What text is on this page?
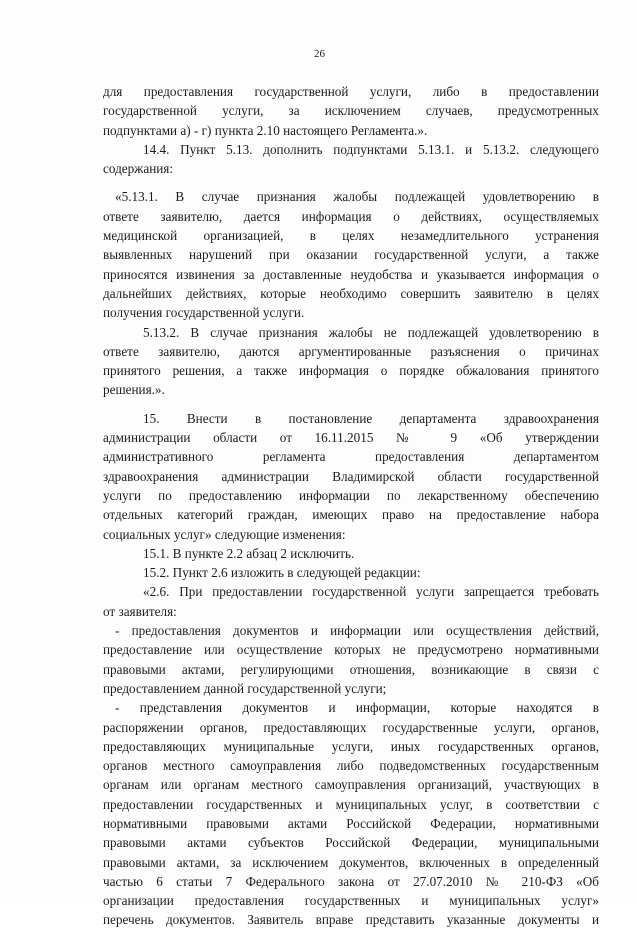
26
для предоставления государственной услуги, либо в предоставлении
государственной услуги, за исключением случаев, предусмотренных
подпунктами а) - г) пункта 2.10 настоящего Регламента.».
14.4. Пункт 5.13. дополнить подпунктами 5.13.1. и 5.13.2. следующего
содержания:
«5.13.1. В случае признания жалобы подлежащей удовлетворению в
ответе заявителю, дается информация о действиях, осуществляемых
медицинской организацией, в целях незамедлительного устранения
выявленных нарушений при оказании государственной услуги, а также
приносятся извинения за доставленные неудобства и указывается информация о
дальнейших действиях, которые необходимо совершить заявителю в целях
получения государственной услуги.
5.13.2. В случае признания жалобы не подлежащей удовлетворению в
ответе заявителю, даются аргументированные разъяснения о причинах
принятого решения, а также информация о порядке обжалования принятого
решения.».
15. Внести в постановление департамента здравоохранения
администрации области от 16.11.2015 № 9 «Об утверждении
административного регламента предоставления департаментом
здравоохранения администрации Владимирской области государственной
услуги по предоставлению информации по лекарственному обеспечению
отдельных категорий граждан, имеющих право на предоставление набора
социальных услуг» следующие изменения:
15.1. В пункте 2.2 абзац 2 исключить.
15.2. Пункт 2.6 изложить в следующей редакции:
«2.6. При предоставлении государственной услуги запрещается требовать
от заявителя:
- предоставления документов и информации или осуществления действий,
предоставление или осуществление которых не предусмотрено нормативными
правовыми актами, регулирующими отношения, возникающие в связи с
предоставлением данной государственной услуги;
- представления документов и информации, которые находятся в
распоряжении органов, предоставляющих государственные услуги, органов,
предоставляющих муниципальные услуги, иных государственных органов,
органов местного самоуправления либо подведомственных государственным
органам или органам местного самоуправления организаций, участвующих в
предоставлении государственных и муниципальных услуг, в соответствии с
нормативными правовыми актами Российской Федерации, нормативными
правовыми актами субъектов Российской Федерации, муниципальными
правовыми актами, за исключением документов, включенных в определенный
частью 6 статьи 7 Федерального закона от 27.07.2010 № 210-ФЗ «Об
организации предоставления государственных и муниципальных услуг»
перечень документов. Заявитель вправе представить указанные документы и
